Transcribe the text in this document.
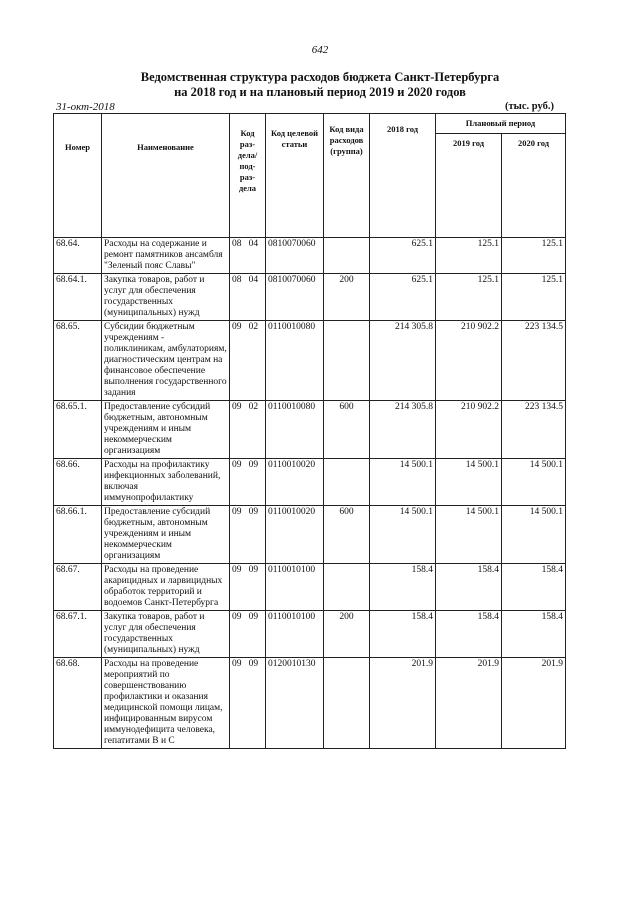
642
Ведомственная структура расходов бюджета Санкт-Петербурга
на 2018 год и на плановый период 2019 и 2020 годов
31-окт-2018	(тыс. руб.)
Номер	Наименование	Код раз-дела/ под-раз-дела	Код целевой статьи	Код вида расходов (группа)	2018 год	Плановый период	
						2019 год	2020 год
68.64.	Расходы на содержание и ремонт памятников ансамбля "Зеленый пояс Славы"	08 04	0810070060		625.1	125.1	125.1
68.64.1.	Закупка товаров, работ и услуг для обеспечения государственных (муниципальных) нужд	08 04	0810070060	200	625.1	125.1	125.1
68.65.	Субсидии бюджетным учреждениям - поликлиникам, амбулаториям, диагностическим центрам на финансовое обеспечение выполнения государственного задания	09 02	0110010080		214 305.8	210 902.2	223 134.5
68.65.1.	Предоставление субсидий бюджетным, автономным учреждениям и иным некоммерческим организациям	09 02	0110010080	600	214 305.8	210 902.2	223 134.5
68.66.	Расходы на профилактику инфекционных заболеваний, включая иммунопрофилактику	09 09	0110010020		14 500.1	14 500.1	14 500.1
68.66.1.	Предоставление субсидий бюджетным, автономным учреждениям и иным некоммерческим организациям	09 09	0110010020	600	14 500.1	14 500.1	14 500.1
68.67.	Расходы на проведение акарицидных и ларвицидных обработок территорий и водоемов Санкт-Петербурга	09 09	0110010100		158.4	158.4	158.4
68.67.1.	Закупка товаров, работ и услуг для обеспечения государственных (муниципальных) нужд	09 09	0110010100	200	158.4	158.4	158.4
68.68.	Расходы на проведение мероприятий по совершенствованию профилактики и оказания медицинской помощи лицам, инфицированным вирусом иммунодефицита человека, гепатитами В и С	09 09	0120010130		201.9	201.9	201.9
